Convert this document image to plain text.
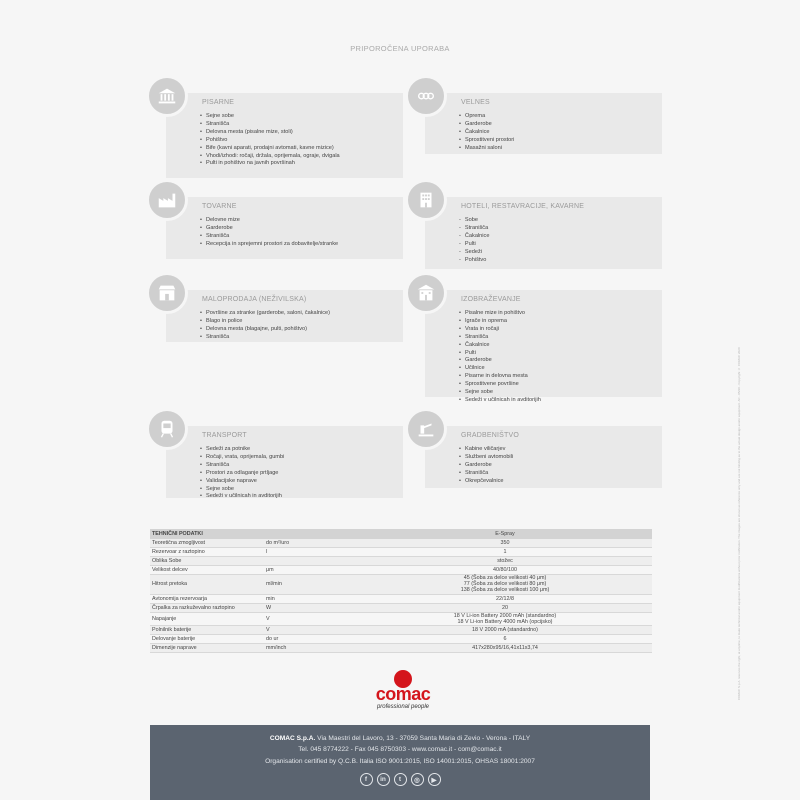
PRIPOROČENA UPORABA
PISARNE
• Sejne sobe
• Stranišča
• Delovna mesta (pisalne mize, stoli)
• Pohištvo
• Bife (kavni aparati, prodajni avtomati, kavne mizice)
• Vhodi/izhodi: ročaji, držala, oprijemala, ograje, dvigala
• Pulti in pohištvo na javnih površinah
VELNES
• Oprema
• Garderobe
• Čakalnice
• Sprostitveni prostori
• Masažni saloni
TOVARNE
• Delovne mize
• Garderobe
• Stranišča
• Recepcija in sprejemni prostori za dobavitelje/stranke
HOTELI, RESTAVRACIJE, KAVARNE
- Sobe
- Stranišča
- Čakalnice
- Pulti
- Sedeži
- Pohištvo
MALOPRODAJA (NEŽIVILSKA)
• Površine za stranke (garderobe, saloni, čakalnice)
• Blago in police
• Delovna mesta (blagajne, pulti, pohištvo)
• Stranišča
IZOBRAŽEVANJE
• Pisalne mize in pohištvo
• Igrače in oprema
• Vrata in ročaji
• Stranišča
• Čakalnice
• Pulti
• Garderobe
• Učilnice
• Pisarne in delovna mesta
• Sprostitvene površine
• Sejne sobe
• Sedeži v učilnicah in avditorijih
TRANSPORT
• Sedeži za potnike
• Ročaji, vrata, oprijemala, gumbi
• Stranišča
• Prostori za odlaganje prtljage
• Validacijske naprave
• Sejne sobe
• Sedeži v učilnicah in avditorijih
GRADBENIŠTVO
• Kabine viličarjev
• Službeni avtomobili
• Garderobe
• Stranišča
• Okrepčevalnice	COMAC S.p.A. reserves the right, at anytime, to make technical and/or equipment modifications without prior notification. The images are shown as reference only and are not binding as to the actual design and/or equipment. AC - 05/20 - Copyright © COMAC 2020
TEHNIČNI PODATKI		E-Spray
Teoretična zmogljivost	do m²/uro	350
Rezervoar z raztopino	l	1
Oblika Sobe		stožec
Velikost delcev	μm	40/80/100
Hitrost pretoka	ml/min	45 (Šoba za delce velikosti 40 μm)
77 (Šoba za delce velikosti 80 μm)
138 (Šoba za delce velikosti 100 μm)
Avtonomija rezervoarja	min	22/12/8
Črpalka za razkuževalno raztopino	W	20
Napajanje	V	18 V Li-ion Battery 2000 mAh (standardno)
18 V Li-ion Battery 4000 mAh (opcijsko)
Polnilnik baterije	V	18 V 2000 mA (standardno)
Delovanje baterije	do ur	6
Dimenzije naprave	mm/inch	417x280x95/16,41x11x3,74
comac
professional people
COMAC S.p.A. Via Maestri del Lavoro, 13 - 37059 Santa Maria di Zevio - Verona - ITALY
Tel. 045 8774222 - Fax 045 8750303 - www.comac.it - com@comac.it
Organisation certified by Q.C.B. Italia ISO 9001:2015, ISO 14001:2015, OHSAS 18001:2007
f	in	t	◎	▶
